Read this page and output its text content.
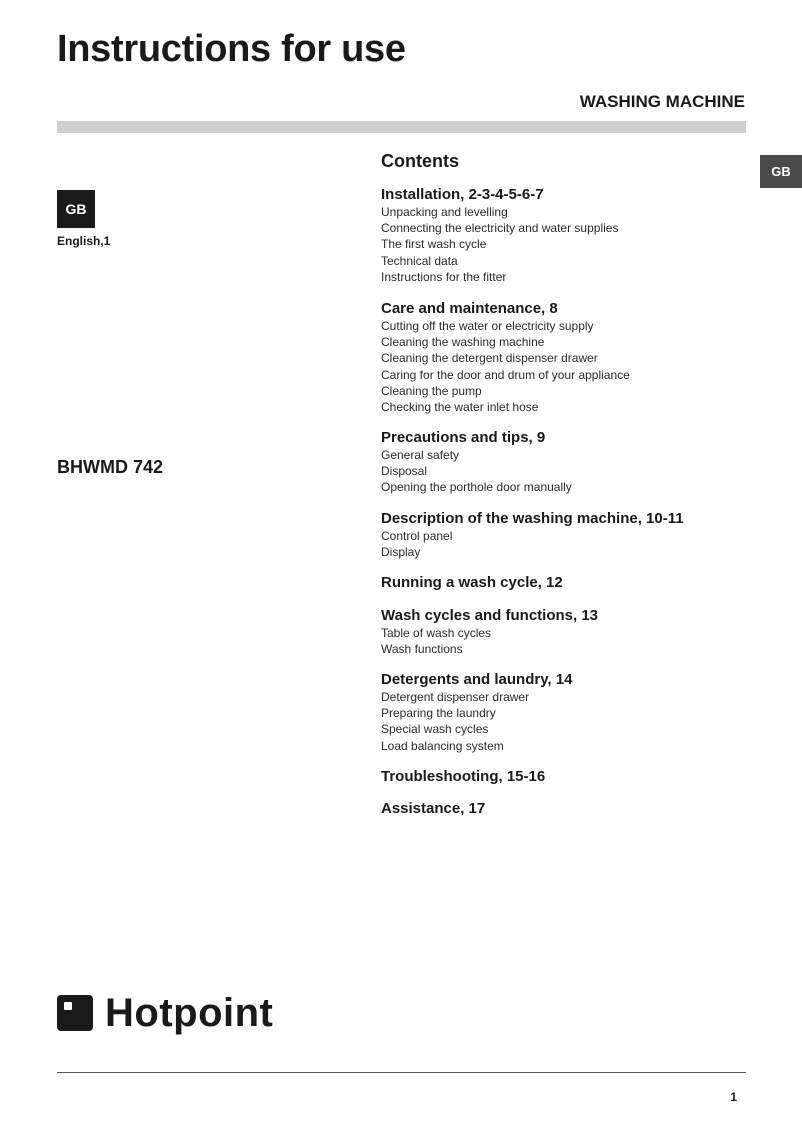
Instructions for use
WASHING MACHINE
GB
GB
English,1
BHWMD 742
Contents
Installation, 2-3-4-5-6-7
Unpacking and levelling
Connecting the electricity and water supplies
The first wash cycle
Technical data
Instructions for the fitter
Care and maintenance, 8
Cutting off the water or electricity supply
Cleaning the washing machine
Cleaning the detergent dispenser drawer
Caring for the door and drum of your appliance
Cleaning the pump
Checking the water inlet hose
Precautions and tips, 9
General safety
Disposal
Opening the porthole door manually
Description of the washing machine, 10-11
Control panel
Display
Running a wash cycle, 12
Wash cycles and functions, 13
Table of wash cycles
Wash functions
Detergents and laundry, 14
Detergent dispenser drawer
Preparing the laundry
Special wash cycles
Load balancing system
Troubleshooting, 15-16
Assistance, 17
Hotpoint
1
